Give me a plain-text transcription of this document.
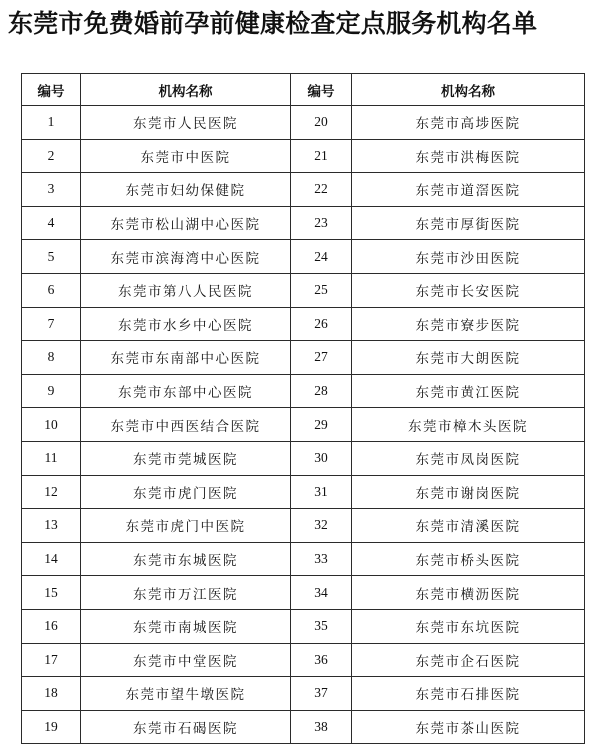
东莞市免费婚前孕前健康检查定点服务机构名单
编号	机构名称	编号	机构名称
1	东莞市人民医院	20	东莞市高埗医院
2	东莞市中医院	21	东莞市洪梅医院
3	东莞市妇幼保健院	22	东莞市道滘医院
4	东莞市松山湖中心医院	23	东莞市厚街医院
5	东莞市滨海湾中心医院	24	东莞市沙田医院
6	东莞市第八人民医院	25	东莞市长安医院
7	东莞市水乡中心医院	26	东莞市寮步医院
8	东莞市东南部中心医院	27	东莞市大朗医院
9	东莞市东部中心医院	28	东莞市黄江医院
10	东莞市中西医结合医院	29	东莞市樟木头医院
11	东莞市莞城医院	30	东莞市凤岗医院
12	东莞市虎门医院	31	东莞市谢岗医院
13	东莞市虎门中医院	32	东莞市清溪医院
14	东莞市东城医院	33	东莞市桥头医院
15	东莞市万江医院	34	东莞市横沥医院
16	东莞市南城医院	35	东莞市东坑医院
17	东莞市中堂医院	36	东莞市企石医院
18	东莞市望牛墩医院	37	东莞市石排医院
19	东莞市石碣医院	38	东莞市茶山医院
